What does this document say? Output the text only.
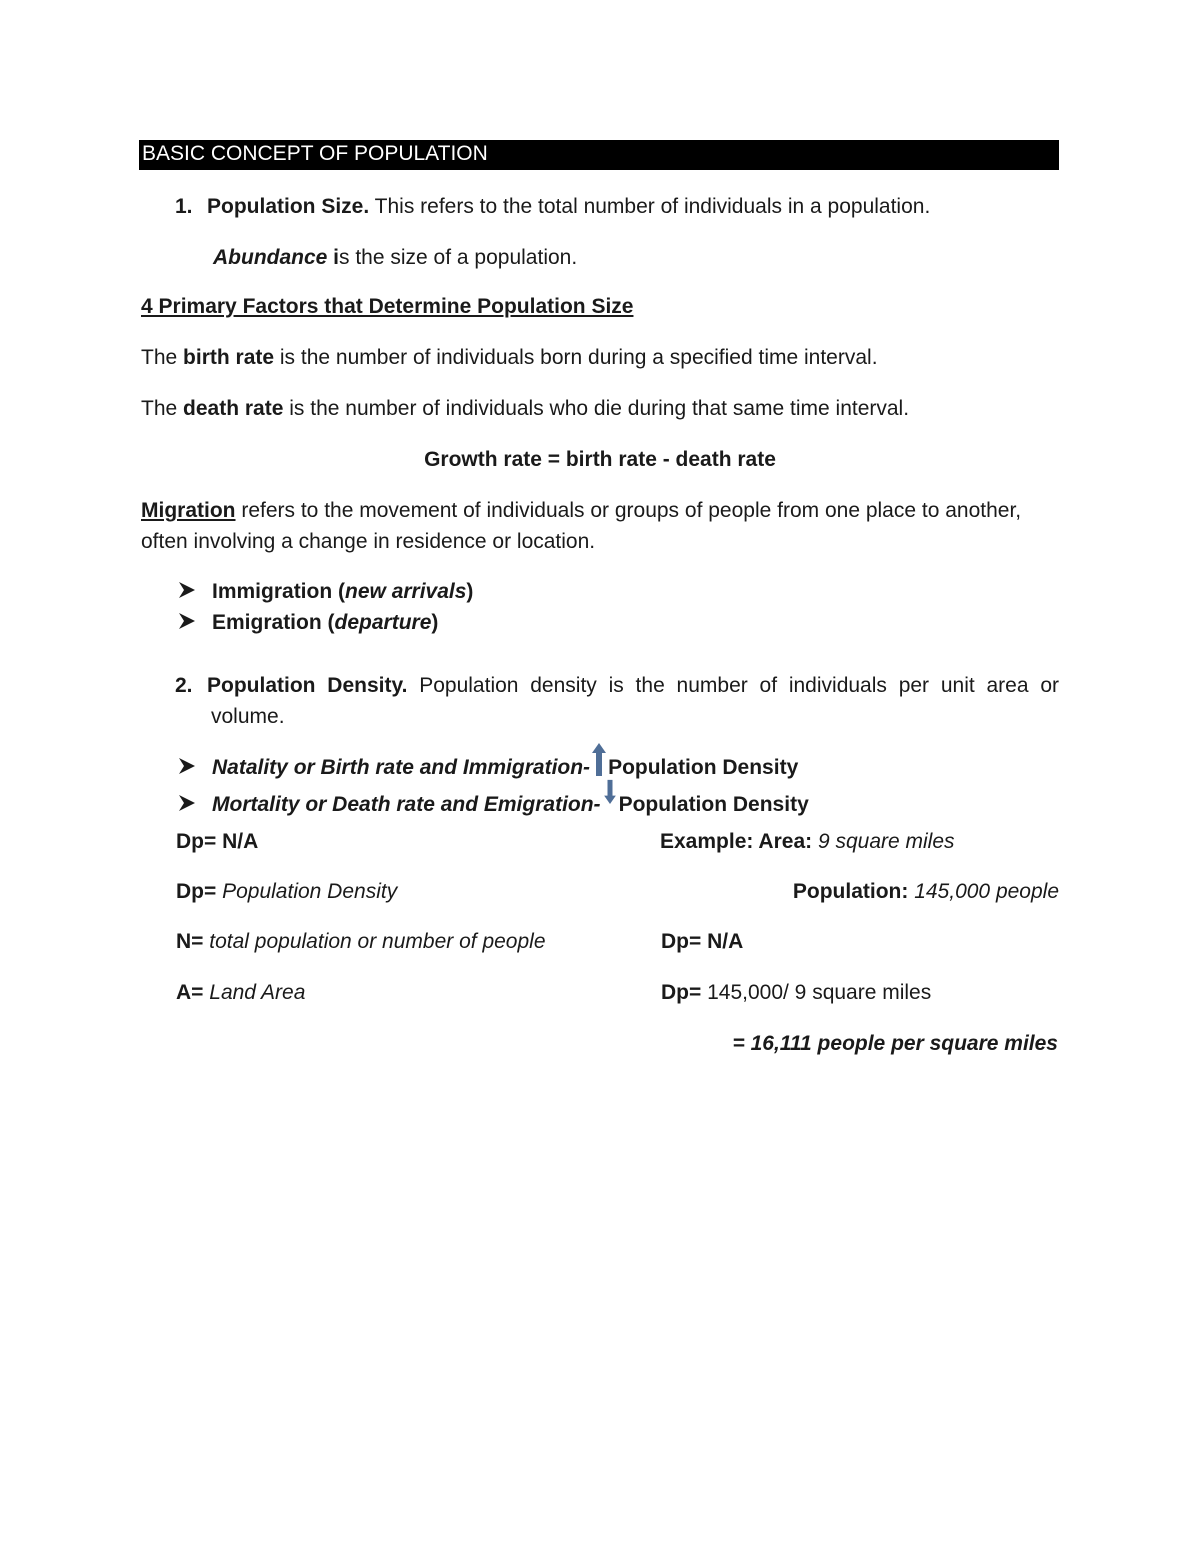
BASIC CONCEPT OF POPULATION
1. Population Size. This refers to the total number of individuals in a population.
Abundance is the size of a population.
4 Primary Factors that Determine Population Size
The birth rate is the number of individuals born during a specified time interval.
The death rate is the number of individuals who die during that same time interval.
Growth rate = birth rate - death rate
Migration refers to the movement of individuals or groups of people from one place to another, often involving a change in residence or location.
Immigration (new arrivals)
Emigration (departure)
2. Population Density. Population density is the number of individuals per unit area or volume.
Natality or Birth rate and Immigration- Population Density
Mortality or Death rate and Emigration- Population Density
Dp= N/A
Dp= Population Density
N= total population or number of people
A= Land Area
Example: Area: 9 square miles
Population: 145,000 people
Dp= N/A
Dp= 145,000/ 9 square miles
= 16,111 people per square miles
